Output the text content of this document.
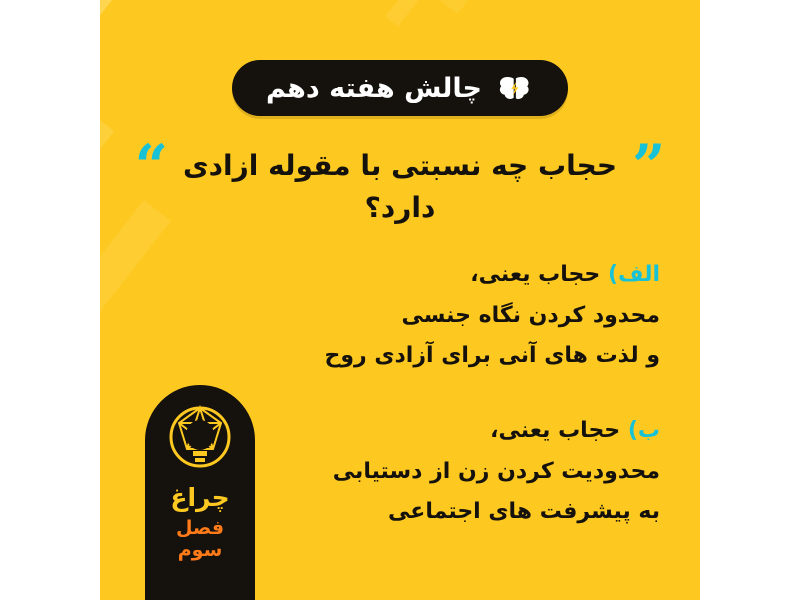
چالش هفته دهم
”
حجاب چه نسبتی با مقوله ازادی دارد؟
“
الف) حجاب یعنی،
محدود کردن نگاه جنسی
و لذت های آنی برای آزادی روح
ب) حجاب یعنی،
محدودیت کردن زن از دستیابی
به پیشرفت های اجتماعی
چراغ
فصل
سوم
